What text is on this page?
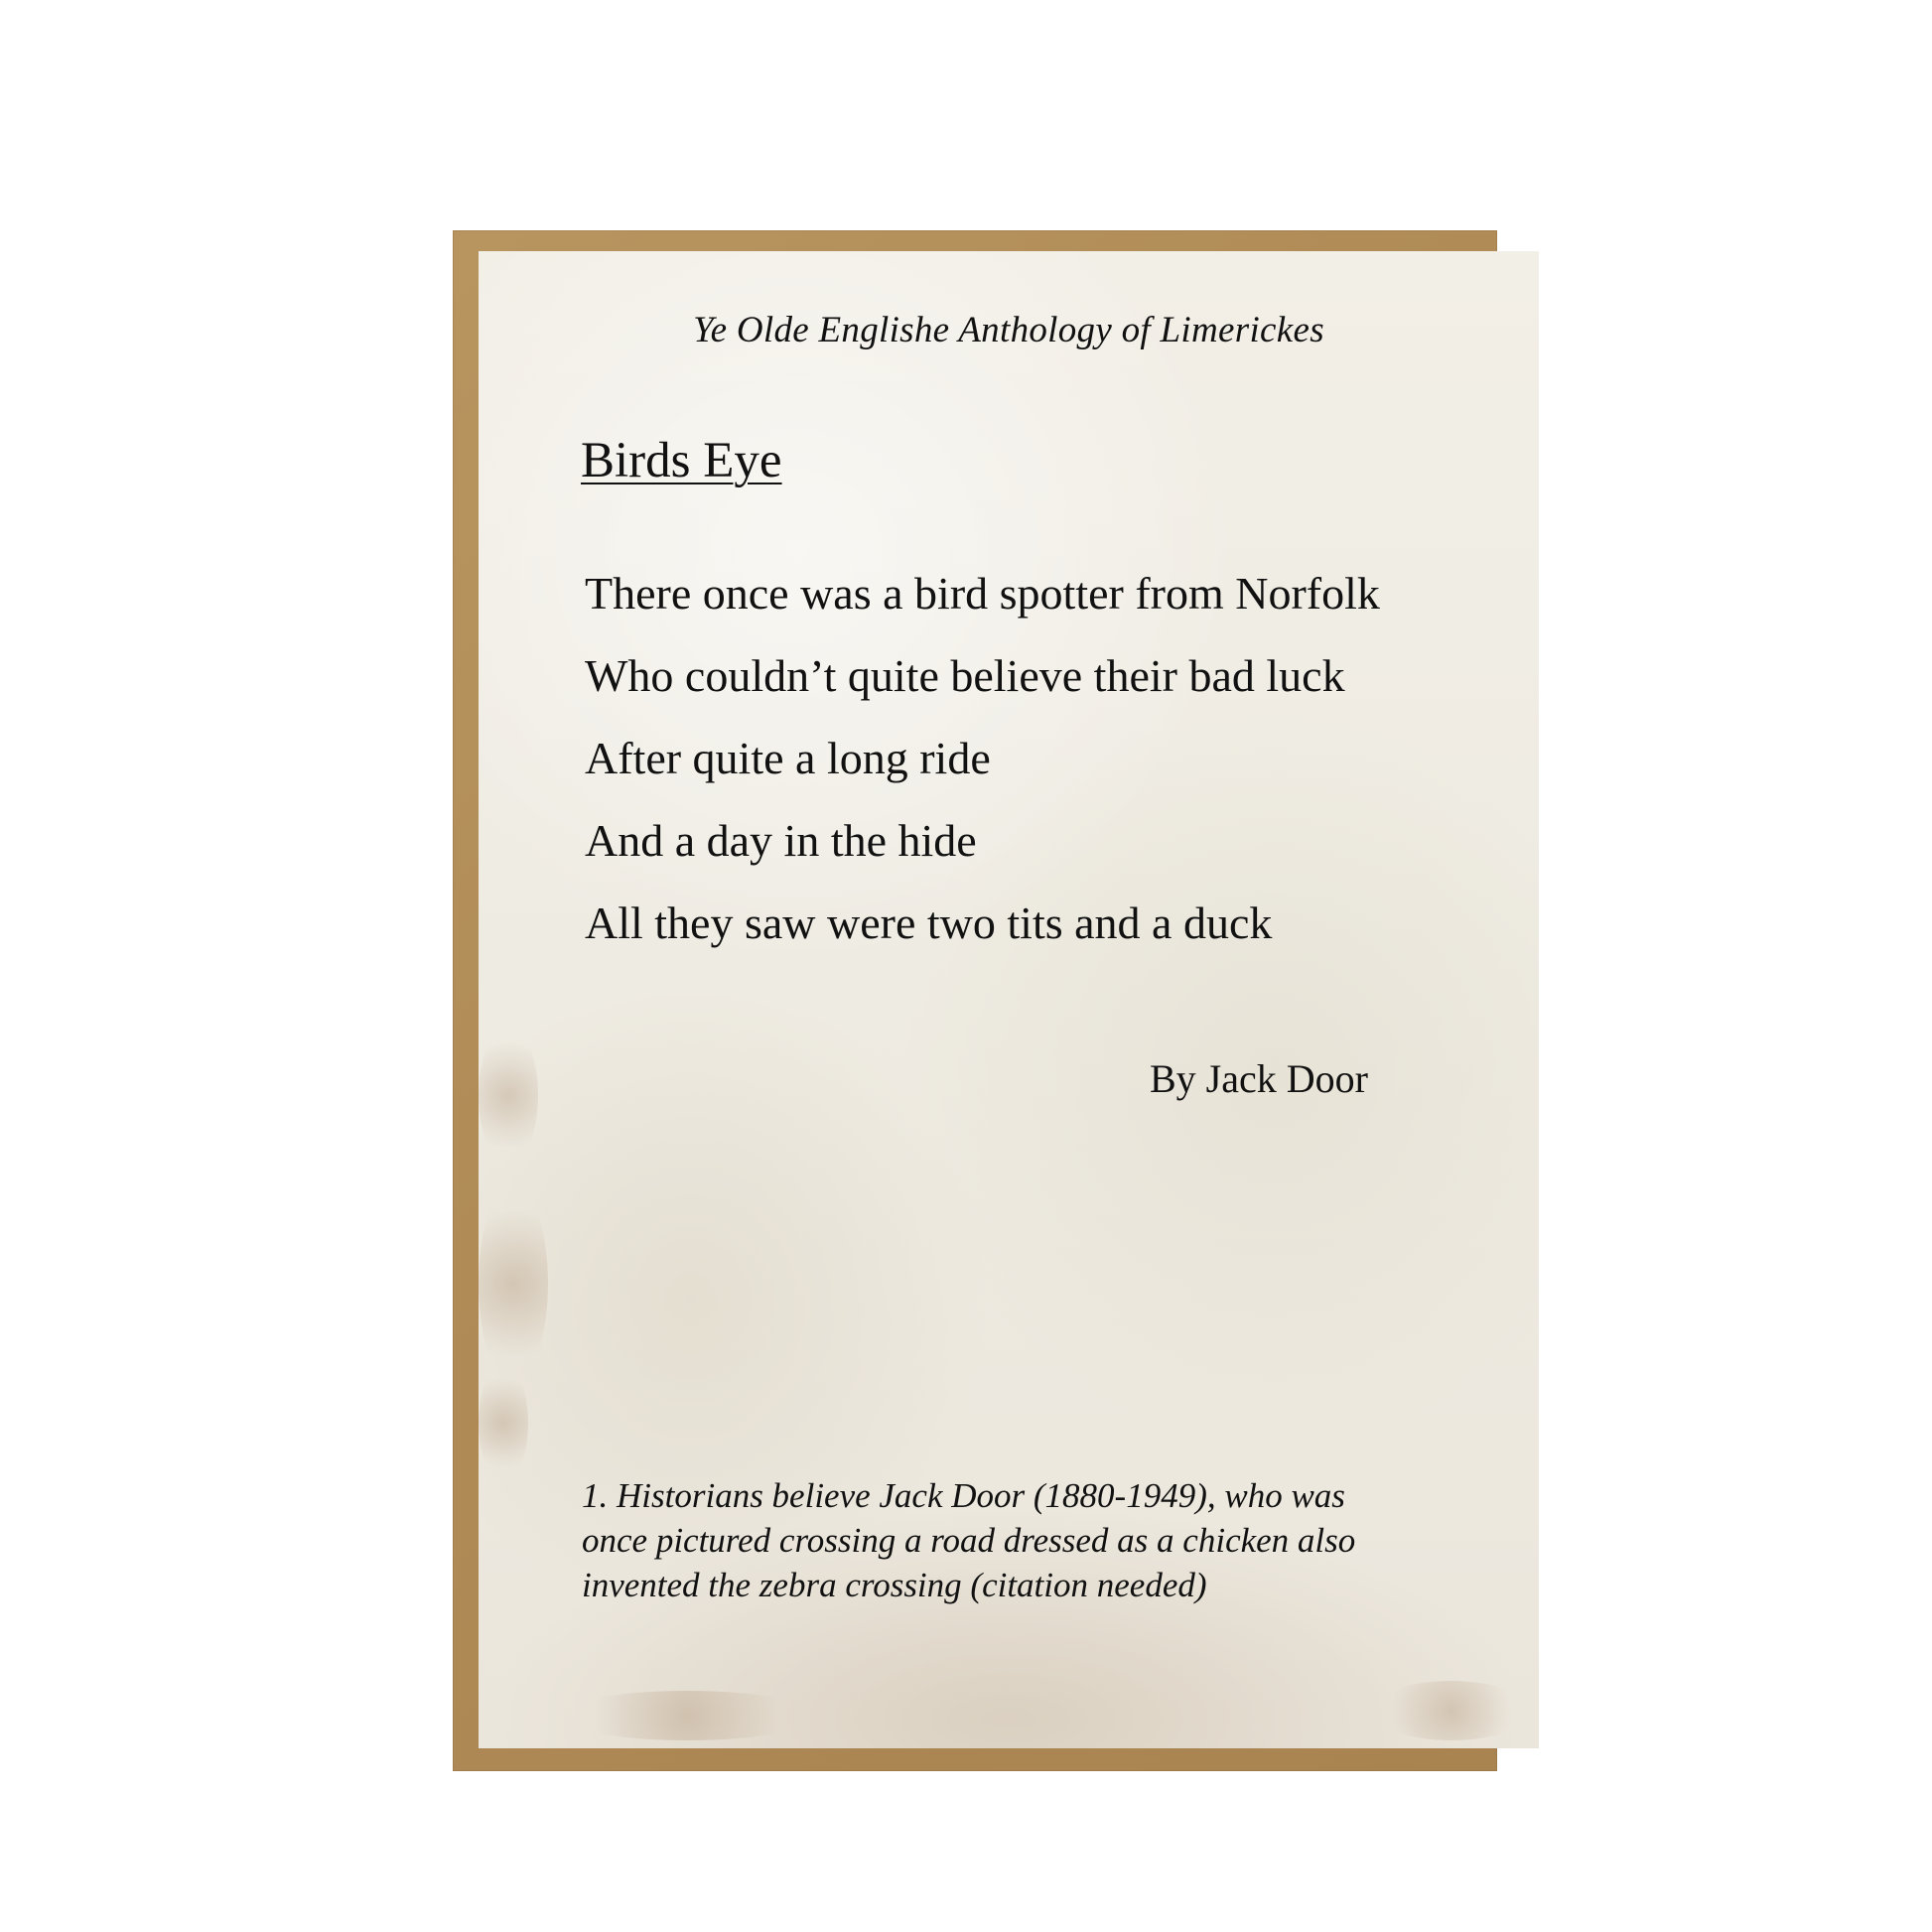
Ye Olde Englishe Anthology of Limerickes
Birds Eye
There once was a bird spotter from Norfolk
Who couldn’t quite believe their bad luck
After quite a long ride
And a day in the hide
All they saw were two tits and a duck
By Jack Door
1. Historians believe Jack Door (1880-1949), who was
once pictured crossing a road dressed as a chicken also
invented the zebra crossing (citation needed)
